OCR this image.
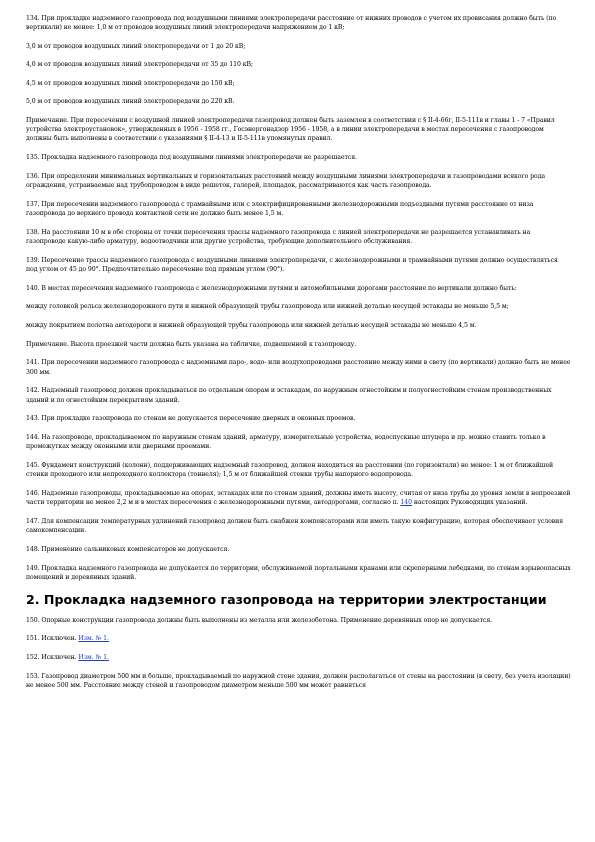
134. При прокладке надземного газопровода под воздушными линиями электропередачи расстояние от нижних проводов с учетом их провисания должно быть (по вертикали) не менее: 1,0 м от проводов воздушных линий электропередачи напряжением до 1 кВ;

3,0 м от проводов воздушных линий электропередачи от 1 до 20 кВ;

4,0 м от проводов воздушных линий электропередачи от 35 до 110 кВ;

4,5 м от проводов воздушных линий электропередачи до 150 кВ;

5,0 м от проводов воздушных линий электропередачи до 220 кВ.

Примечание. При пересечении с воздушной линией электропередачи газопровод должен быть заземлен в соответствии с § II-4-66г, II-5-111в и главы 1 - 7 «Правил устройства электроустановок», утвержденных в 1956 - 1958 гг., Госэнергонадзор 1956 - 1958, а в линии электропередачи в местах пересечения с газопроводом должны быть выполнены в соответствии с указаниями § II-4-13 и II-5-111в упомянутых правил.

135. Прокладка надземного газопровода под воздушными линиями электропередачи не разрешается.

136. При определении минимальных вертикальных и горизонтальных расстояний между воздушными линиями электропередачи и газопроводами всякого рода ограждения, устраиваемые над трубопроводом в виде решеток, галерей, площадок, рассматриваются как часть газопровода.

137. При пересечении надземного газопровода с трамвайными или с электрифицированными железнодорожными подъездными путями расстояние от низа газопровода до верхнего провода контактной сети не должно быть менее 1,5 м.

138. На расстоянии 10 м в обе стороны от точки пересечения трассы надземного газопровода с линией электропередачи не разрешается устанавливать на газопроводе какую-либо арматуру, водоотводчики или другие устройства, требующие дополнительного обслуживания.

139. Пересечение трассы надземного газопровода с воздушными линиями электропередачи, с железнодорожными и трамвайными путями должно осуществляться под углом от 45 до 90°. Предпочтительно пересечение под прямым углом (90°).

140. В местах пересечения надземного газопровода с железнодорожными путями и автомобильными дорогами расстояние по вертикали должно быть:

между головкой рельса железнодорожного пути и нижней образующей трубы газопровода или нижней деталью несущей эстакады не меньше 5,5 м;

между покрытием полотна автодороги и нижней образующей трубы газопровода или нижней деталью несущей эстакады не меньше 4,5 м.

Примечание. Высота проезжей части должна быть указана на табличке, подвешенной к газопроводу.

141. При пересечении надземного газопровода с надземными паро-, водо- или воздухопроводами расстояние между ними в свету (по вертикали) должно быть не менее 300 мм.

142. Надземный газопровод должен прокладываться по отдельным опорам и эстакадам, по наружным огнестойким и полуогнестойким стенам производственных зданий и по огнестойким перекрытиям зданий.

143. При прокладке газопровода по стенам не допускается пересечение дверных и оконных проемов.

144. На газопроводе, прокладываемом по наружным стенам зданий, арматуру, измерительные устройства, водоспускные штуцера и пр. можно ставить только в промежутках между оконными или дверными проемами.

145. Фундамент конструкций (колонн), поддерживающих надземный газопровод, должен находиться на расстоянии (по горизонтали) не менее: 1 м от ближайшей стенки проходного или непроходного коллектора (тоннеля); 1,5 м от ближайшей стенки трубы напорного водопровода.

146. Надземные газопроводы, прокладываемые на опорах, эстакадах или по стенам зданий, должны иметь высоту, считая от низа трубы до уровня земли в непроезжей части территории не менее 2,2 м и в местах пересечения с железнодорожными путями, автодорогами, согласно п. 140 настоящих Руководящих указаний.

147. Для компенсации температурных удлинений газопровод должен быть снабжен компенсаторами или иметь такую конфигурацию, которая обеспечивает условия самокомпенсации.

148. Применение сальниковых компенсаторов не допускается.

149. Прокладка надземного газопровода не допускается по территории, обслуживаемой портальными кранами или скреперными лебедками, по стенам взрывоопасных помещений и деревянных зданий.

2. Прокладка надземного газопровода на территории электростанции

150. Опорные конструкции газопровода должны быть выполнены из металла или железобетона. Применение деревянных опор не допускается.

151. Исключен. Изм. № 1.

152. Исключен. Изм. № 1.

153. Газопровод диаметром 500 мм и больше, прокладываемый по наружной стене здания, должен располагаться от стены на расстоянии (в свету, без учета изоляции) не менее 500 мм. Расстояние между стеной и газопроводом диаметром меньше 500 мм может равняться
